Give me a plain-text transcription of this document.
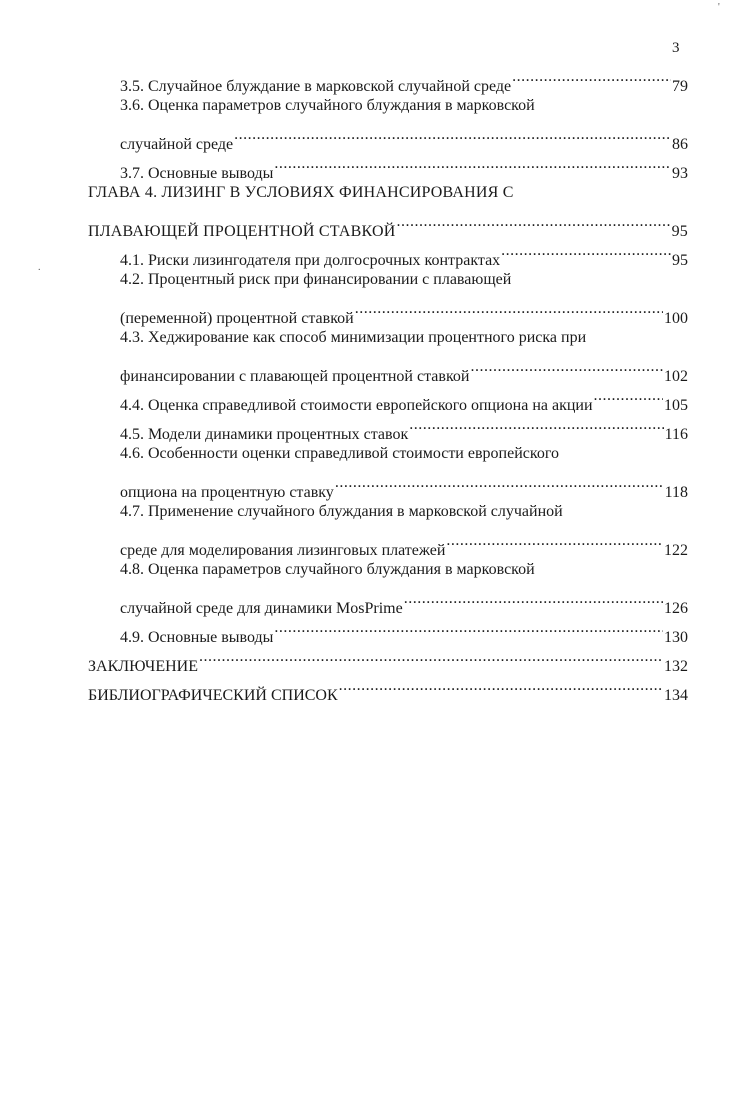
3
'
.
3.5. Случайное блуждание в марковской случайной среде .....	79
3.6. Оценка параметров случайного блуждания в марковской
случайной среде .....	86
3.7. Основные выводы .....	93
ГЛАВА 4. ЛИЗИНГ В УСЛОВИЯХ ФИНАНСИРОВАНИЯ С
ПЛАВАЮЩЕЙ ПРОЦЕНТНОЙ СТАВКОЙ .....	95
4.1. Риски лизингодателя при долгосрочных контрактах .....	95
4.2. Процентный риск при финансировании с плавающей
(переменной) процентной ставкой .....	100
4.3. Хеджирование как способ минимизации процентного риска при
финансировании с плавающей процентной ставкой .....	102
4.4. Оценка справедливой стоимости европейского опциона на акции .....	105
4.5. Модели динамики процентных ставок .....	116
4.6. Особенности оценки справедливой стоимости европейского
опциона на процентную ставку .....	118
4.7. Применение случайного блуждания в марковской случайной
среде для моделирования лизинговых платежей .....	122
4.8. Оценка параметров случайного блуждания в марковской
случайной среде для динамики MosPrime .....	126
4.9. Основные выводы .....	130
ЗАКЛЮЧЕНИЕ .....	132
БИБЛИОГРАФИЧЕСКИЙ СПИСОК .....	134
